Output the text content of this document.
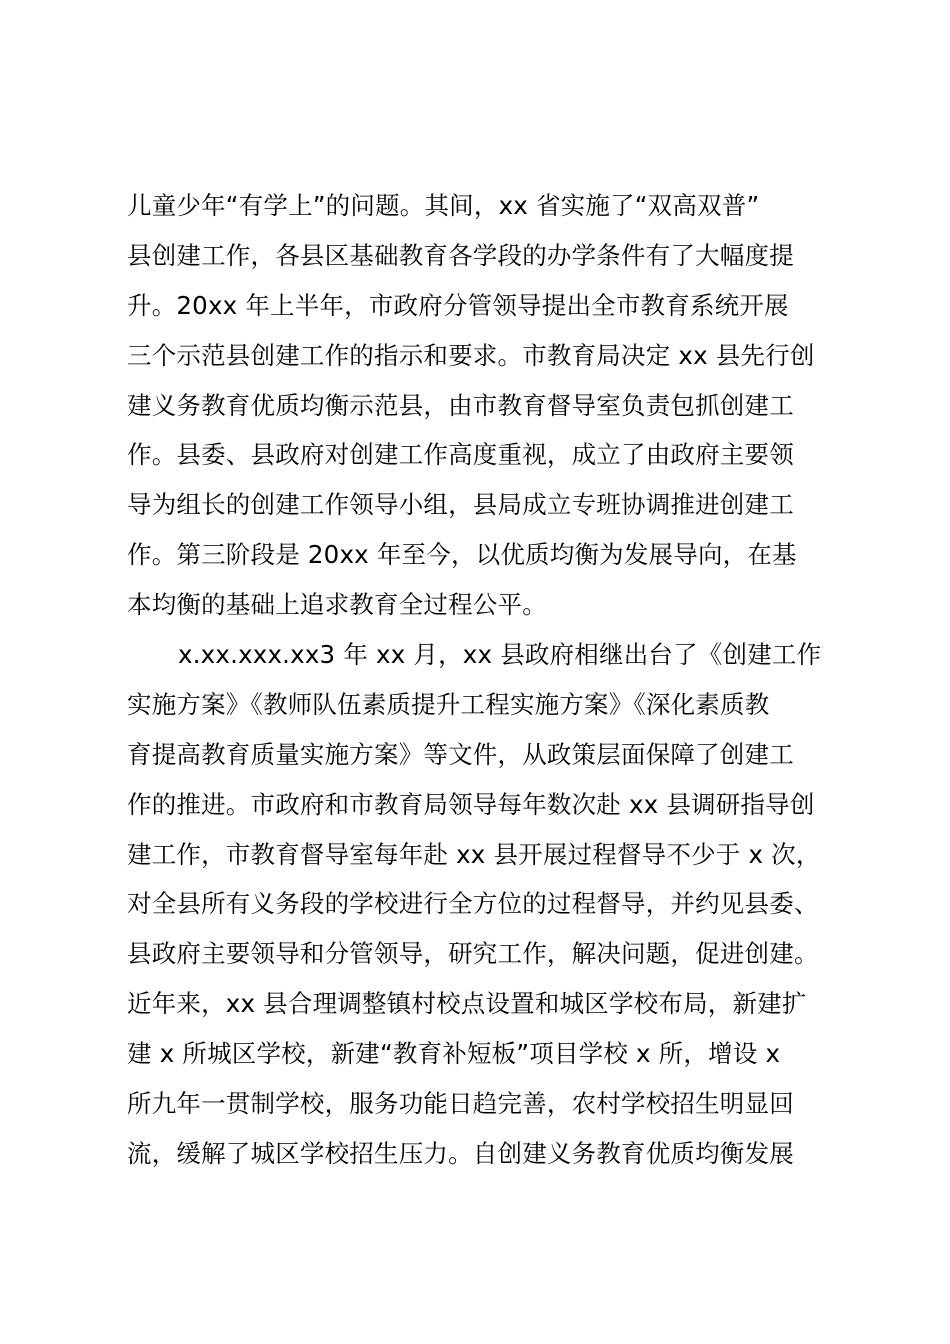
儿童少年“有学上”的问题。其间，xx 省实施了“双高双普”
县创建工作，各县区基础教育各学段的办学条件有了大幅度提
升。20xx 年上半年，市政府分管领导提出全市教育系统开展
三个示范县创建工作的指示和要求。市教育局决定 xx 县先行创
建义务教育优质均衡示范县，由市教育督导室负责包抓创建工
作。县委、县政府对创建工作高度重视，成立了由政府主要领
导为组长的创建工作领导小组，县局成立专班协调推进创建工
作。第三阶段是 20xx 年至今，以优质均衡为发展导向，在基
本均衡的基础上追求教育全过程公平。
x.xx.xxx.xx3 年 xx 月，xx 县政府相继出台了《创建工作
实施方案》《教师队伍素质提升工程实施方案》《深化素质教
育提高教育质量实施方案》等文件，从政策层面保障了创建工
作的推进。市政府和市教育局领导每年数次赴 xx 县调研指导创
建工作，市教育督导室每年赴 xx 县开展过程督导不少于 x 次，
对全县所有义务段的学校进行全方位的过程督导，并约见县委、
县政府主要领导和分管领导，研究工作，解决问题，促进创建。
近年来，xx 县合理调整镇村校点设置和城区学校布局，新建扩
建 x 所城区学校，新建“教育补短板”项目学校 x 所，增设 x
所九年一贯制学校，服务功能日趋完善，农村学校招生明显回
流，缓解了城区学校招生压力。自创建义务教育优质均衡发展
